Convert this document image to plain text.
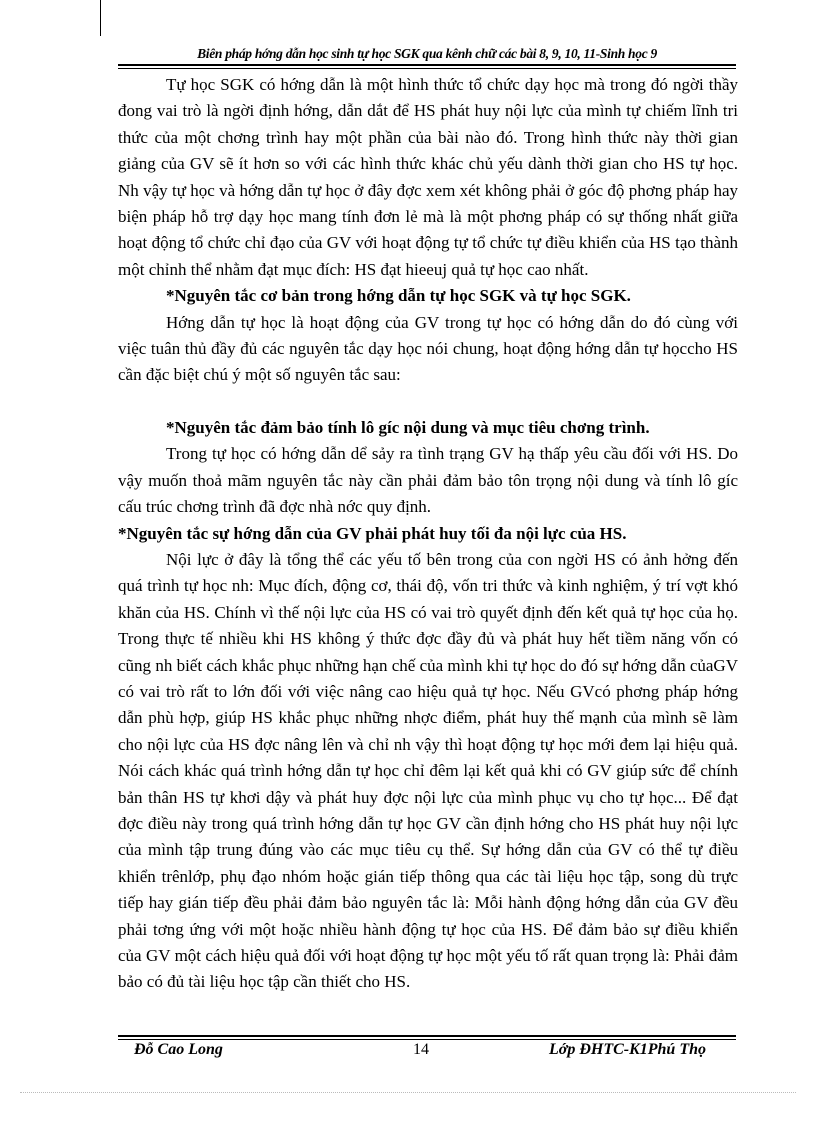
Biên pháp hớng dẫn học sinh tự học SGK qua kênh chữ các bài 8, 9, 10, 11-Sinh học 9

Tự học SGK có hớng dẫn là một hình thức tổ chức dạy học mà trong đó ngời thầy đong vai trò là ngời định hớng, dẫn dắt để HS phát huy nội lực của mình tự chiếm lĩnh tri thức của một chơng trình hay một phần của bài nào đó. Trong hình thức này thời gian giảng của GV sẽ ít hơn so với các hình thức khác chủ yếu dành thời gian cho HS tự học. Nh vậy tự học và hớng dẫn tự học ở đây đợc xem xét không phải ở góc độ phơng pháp hay biện pháp hỗ trợ dạy học mang tính đơn lẻ mà là một phơng pháp có sự thống nhất giữa hoạt động tổ chức chỉ đạo của GV với hoạt động tự tổ chức tự điều khiển của HS tạo thành một chỉnh thể nhằm đạt mục đích: HS đạt hieeuj quả tự học cao nhất.

*Nguyên tắc cơ bản trong hớng dẫn tự học SGK và tự học SGK.

Hớng dẫn tự học là hoạt động của GV trong tự học có hớng dẫn do đó cùng với việc tuân thủ đầy đủ các nguyên tắc dạy học nói chung, hoạt động hớng dẫn tự họccho HS cần đặc biệt chú ý một số nguyên tắc sau:

*Nguyên tắc đảm bảo tính lô gíc nội dung và mục tiêu chơng trình.

Trong tự học có hớng dẫn dể sảy ra tình trạng GV hạ thấp yêu cầu đối với HS. Do vậy muốn thoả mãm nguyên tắc này cần phải đảm bảo tôn trọng nội dung và tính lô gíc cấu trúc chơng trình đã đợc nhà nớc quy định.

*Nguyên tắc sự hớng dẫn của GV phải phát huy tối đa nội lực của HS.

Nội lực ở đây là tổng thể các yếu tố bên trong của con ngời HS có ảnh hởng đến quá trình tự học nh: Mục đích, động cơ, thái độ, vốn tri thức và kinh nghiệm, ý trí vợt khó khăn của HS. Chính vì thế nội lực của HS có vai trò quyết định đến kết quả tự học của họ. Trong thực tế nhiều khi HS không ý thức đợc đầy đủ và phát huy hết tiềm năng vốn có cũng nh biết cách khắc phục những hạn chế của mình khi tự học do đó sự hớng dẫn củaGV có vai trò rất to lớn đối với việc nâng cao hiệu quả tự học. Nếu GVcó phơng pháp hớng dẫn phù hợp, giúp HS khắc phục những nhợc điểm, phát huy thế mạnh của mình sẽ làm cho nội lực của HS đợc nâng lên và chỉ nh vậy thì hoạt động tự học mới đem lại hiệu quả. Nói cách khác quá trình hớng dẫn tự học chỉ đêm lại kết quả khi có GV giúp sức để chính bản thân HS tự khơi dậy và phát huy đợc nội lực của mình phục vụ cho tự học... Để đạt đợc điều này trong quá trình hớng dẫn tự học GV cần định hớng cho HS phát huy nội lực của mình tập trung đúng vào các mục tiêu cụ thể. Sự hớng dẫn của GV có thể tự điều khiển trênlớp, phụ đạo nhóm hoặc gián tiếp thông qua các tài liệu học tập, song dù trực tiếp hay gián tiếp đều phải đảm bảo nguyên tắc là: Mỗi hành động hớng dẫn của GV đều phải tơng ứng với một hoặc nhiều hành động tự học của HS. Để đảm bảo sự điều khiển của GV một cách hiệu quả đối với hoạt động tự học một yếu tố rất quan trọng là: Phải đảm bảo có đủ tài liệu học tập cần thiết cho HS.

Đỗ Cao Long	14	Lớp ĐHTC-K1Phú Thọ
